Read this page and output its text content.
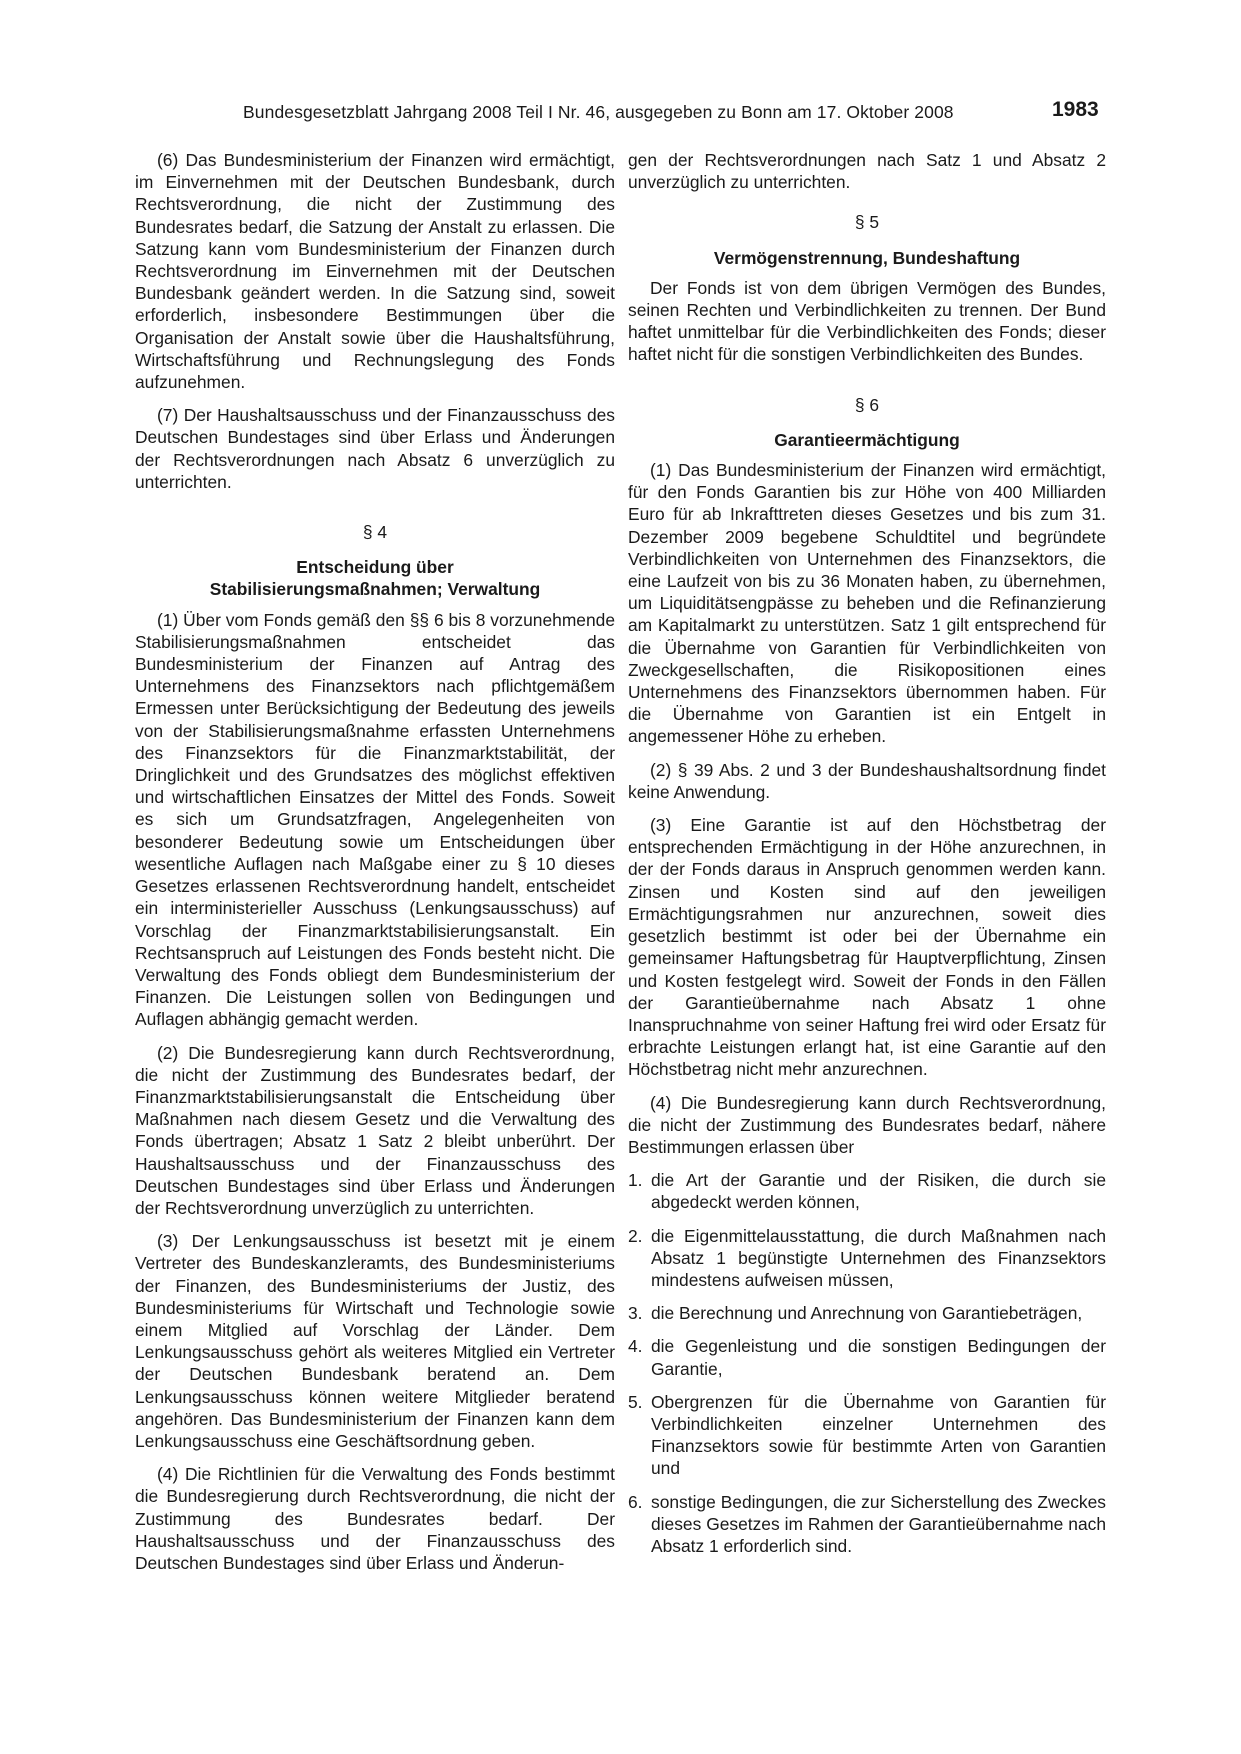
Bundesgesetzblatt Jahrgang 2008 Teil I Nr. 46, ausgegeben zu Bonn am 17. Oktober 2008	1983

(6) Das Bundesministerium der Finanzen wird ermächtigt, im Einvernehmen mit der Deutschen Bundesbank, durch Rechtsverordnung, die nicht der Zustimmung des Bundesrates bedarf, die Satzung der Anstalt zu erlassen. Die Satzung kann vom Bundesministerium der Finanzen durch Rechtsverordnung im Einvernehmen mit der Deutschen Bundesbank geändert werden. In die Satzung sind, soweit erforderlich, insbesondere Bestimmungen über die Organisation der Anstalt sowie über die Haushaltsführung, Wirtschaftsführung und Rechnungslegung des Fonds aufzunehmen.

(7) Der Haushaltsausschuss und der Finanzausschuss des Deutschen Bundestages sind über Erlass und Änderungen der Rechtsverordnungen nach Absatz 6 unverzüglich zu unterrichten.

§ 4
Entscheidung über
Stabilisierungsmaßnahmen; Verwaltung

(1) Über vom Fonds gemäß den §§ 6 bis 8 vorzunehmende Stabilisierungsmaßnahmen entscheidet das Bundesministerium der Finanzen auf Antrag des Unternehmens des Finanzsektors nach pflichtgemäßem Ermessen unter Berücksichtigung der Bedeutung des jeweils von der Stabilisierungsmaßnahme erfassten Unternehmens des Finanzsektors für die Finanzmarktstabilität, der Dringlichkeit und des Grundsatzes des möglichst effektiven und wirtschaftlichen Einsatzes der Mittel des Fonds. Soweit es sich um Grundsatzfragen, Angelegenheiten von besonderer Bedeutung sowie um Entscheidungen über wesentliche Auflagen nach Maßgabe einer zu § 10 dieses Gesetzes erlassenen Rechtsverordnung handelt, entscheidet ein interministerieller Ausschuss (Lenkungsausschuss) auf Vorschlag der Finanzmarktstabilisierungsanstalt. Ein Rechtsanspruch auf Leistungen des Fonds besteht nicht. Die Verwaltung des Fonds obliegt dem Bundesministerium der Finanzen. Die Leistungen sollen von Bedingungen und Auflagen abhängig gemacht werden.

(2) Die Bundesregierung kann durch Rechtsverordnung, die nicht der Zustimmung des Bundesrates bedarf, der Finanzmarktstabilisierungsanstalt die Entscheidung über Maßnahmen nach diesem Gesetz und die Verwaltung des Fonds übertragen; Absatz 1 Satz 2 bleibt unberührt. Der Haushaltsausschuss und der Finanzausschuss des Deutschen Bundestages sind über Erlass und Änderungen der Rechtsverordnung unverzüglich zu unterrichten.

(3) Der Lenkungsausschuss ist besetzt mit je einem Vertreter des Bundeskanzleramts, des Bundesministeriums der Finanzen, des Bundesministeriums der Justiz, des Bundesministeriums für Wirtschaft und Technologie sowie einem Mitglied auf Vorschlag der Länder. Dem Lenkungsausschuss gehört als weiteres Mitglied ein Vertreter der Deutschen Bundesbank beratend an. Dem Lenkungsausschuss können weitere Mitglieder beratend angehören. Das Bundesministerium der Finanzen kann dem Lenkungsausschuss eine Geschäftsordnung geben.

(4) Die Richtlinien für die Verwaltung des Fonds bestimmt die Bundesregierung durch Rechtsverordnung, die nicht der Zustimmung des Bundesrates bedarf. Der Haushaltsausschuss und der Finanzausschuss des Deutschen Bundestages sind über Erlass und Änderun-

gen der Rechtsverordnungen nach Satz 1 und Absatz 2 unverzüglich zu unterrichten.

§ 5
Vermögenstrennung, Bundeshaftung

Der Fonds ist von dem übrigen Vermögen des Bundes, seinen Rechten und Verbindlichkeiten zu trennen. Der Bund haftet unmittelbar für die Verbindlichkeiten des Fonds; dieser haftet nicht für die sonstigen Verbindlichkeiten des Bundes.

§ 6
Garantieermächtigung

(1) Das Bundesministerium der Finanzen wird ermächtigt, für den Fonds Garantien bis zur Höhe von 400 Milliarden Euro für ab Inkrafttreten dieses Gesetzes und bis zum 31. Dezember 2009 begebene Schuldtitel und begründete Verbindlichkeiten von Unternehmen des Finanzsektors, die eine Laufzeit von bis zu 36 Monaten haben, zu übernehmen, um Liquiditätsengpässe zu beheben und die Refinanzierung am Kapitalmarkt zu unterstützen. Satz 1 gilt entsprechend für die Übernahme von Garantien für Verbindlichkeiten von Zweckgesellschaften, die Risikopositionen eines Unternehmens des Finanzsektors übernommen haben. Für die Übernahme von Garantien ist ein Entgelt in angemessener Höhe zu erheben.

(2) § 39 Abs. 2 und 3 der Bundeshaushaltsordnung findet keine Anwendung.

(3) Eine Garantie ist auf den Höchstbetrag der entsprechenden Ermächtigung in der Höhe anzurechnen, in der der Fonds daraus in Anspruch genommen werden kann. Zinsen und Kosten sind auf den jeweiligen Ermächtigungsrahmen nur anzurechnen, soweit dies gesetzlich bestimmt ist oder bei der Übernahme ein gemeinsamer Haftungsbetrag für Hauptverpflichtung, Zinsen und Kosten festgelegt wird. Soweit der Fonds in den Fällen der Garantieübernahme nach Absatz 1 ohne Inanspruchnahme von seiner Haftung frei wird oder Ersatz für erbrachte Leistungen erlangt hat, ist eine Garantie auf den Höchstbetrag nicht mehr anzurechnen.

(4) Die Bundesregierung kann durch Rechtsverordnung, die nicht der Zustimmung des Bundesrates bedarf, nähere Bestimmungen erlassen über

1. die Art der Garantie und der Risiken, die durch sie abgedeckt werden können,
2. die Eigenmittelausstattung, die durch Maßnahmen nach Absatz 1 begünstigte Unternehmen des Finanzsektors mindestens aufweisen müssen,
3. die Berechnung und Anrechnung von Garantiebeträgen,
4. die Gegenleistung und die sonstigen Bedingungen der Garantie,
5. Obergrenzen für die Übernahme von Garantien für Verbindlichkeiten einzelner Unternehmen des Finanzsektors sowie für bestimmte Arten von Garantien und
6. sonstige Bedingungen, die zur Sicherstellung des Zweckes dieses Gesetzes im Rahmen der Garantieübernahme nach Absatz 1 erforderlich sind.
